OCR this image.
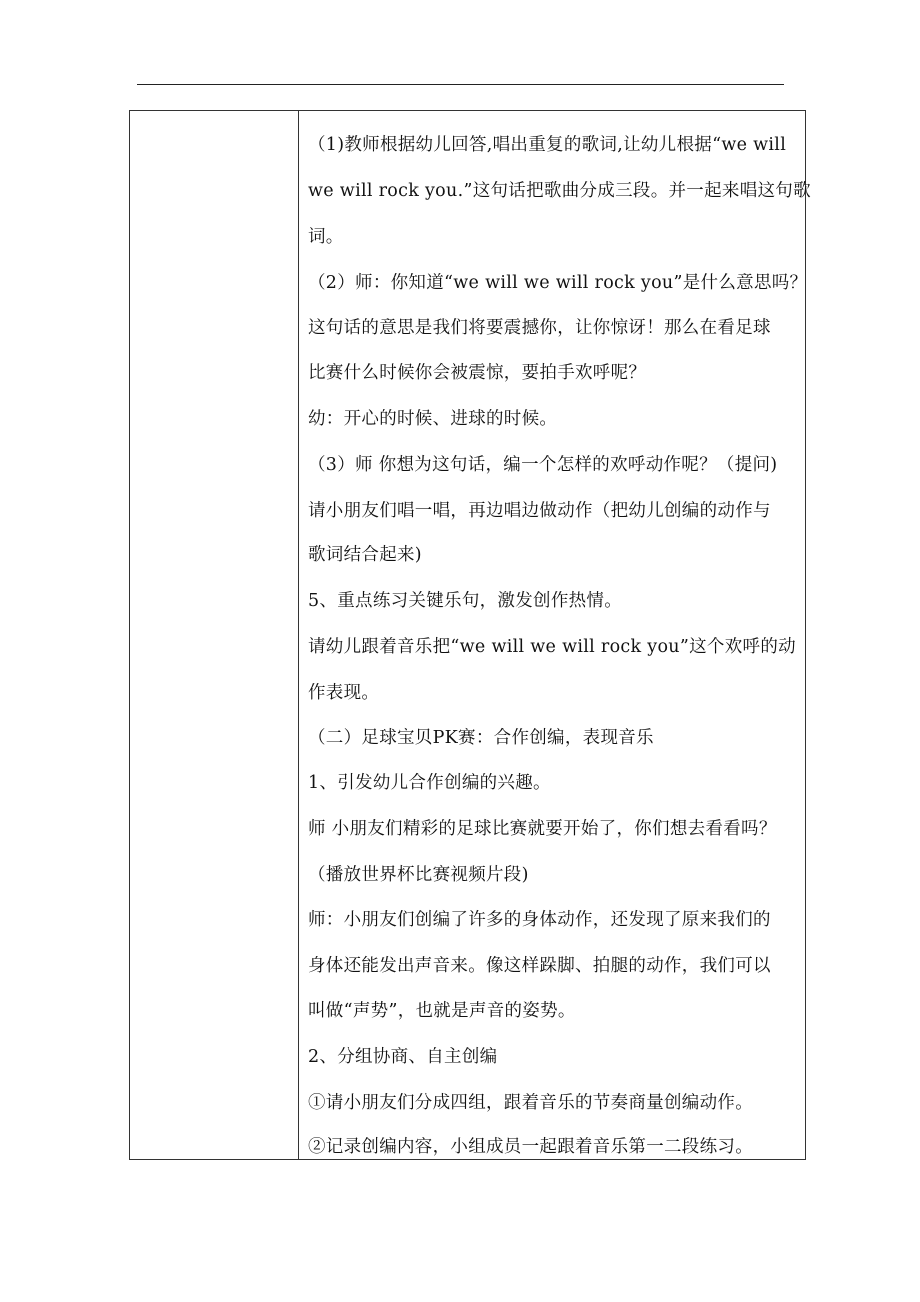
（1)教师根据幼儿回答,唱出重复的歌词,让幼儿根据“we will
we will rock you.”这句话把歌曲分成三段。并一起来唱这句歌
词。
（2）师：你知道“we will we will rock you”是什么意思吗？
这句话的意思是我们将要震撼你，让你惊讶！那么在看足球
比赛什么时候你会被震惊，要拍手欢呼呢？
幼：开心的时候、进球的时候。
（3）师 你想为这句话，编一个怎样的欢呼动作呢？（提问)
请小朋友们唱一唱，再边唱边做动作（把幼儿创编的动作与
歌词结合起来)
5、重点练习关键乐句，激发创作热情。
请幼儿跟着音乐把“we will we will rock you”这个欢呼的动
作表现。
（二）足球宝贝PK赛：合作创编，表现音乐
1、引发幼儿合作创编的兴趣。
师 小朋友们精彩的足球比赛就要开始了，你们想去看看吗？
（播放世界杯比赛视频片段)
师：小朋友们创编了许多的身体动作，还发现了原来我们的
身体还能发出声音来。像这样跺脚、拍腿的动作，我们可以
叫做“声势”，也就是声音的姿势。
2、分组协商、自主创编
①请小朋友们分成四组，跟着音乐的节奏商量创编动作。
②记录创编内容，小组成员一起跟着音乐第一二段练习。
